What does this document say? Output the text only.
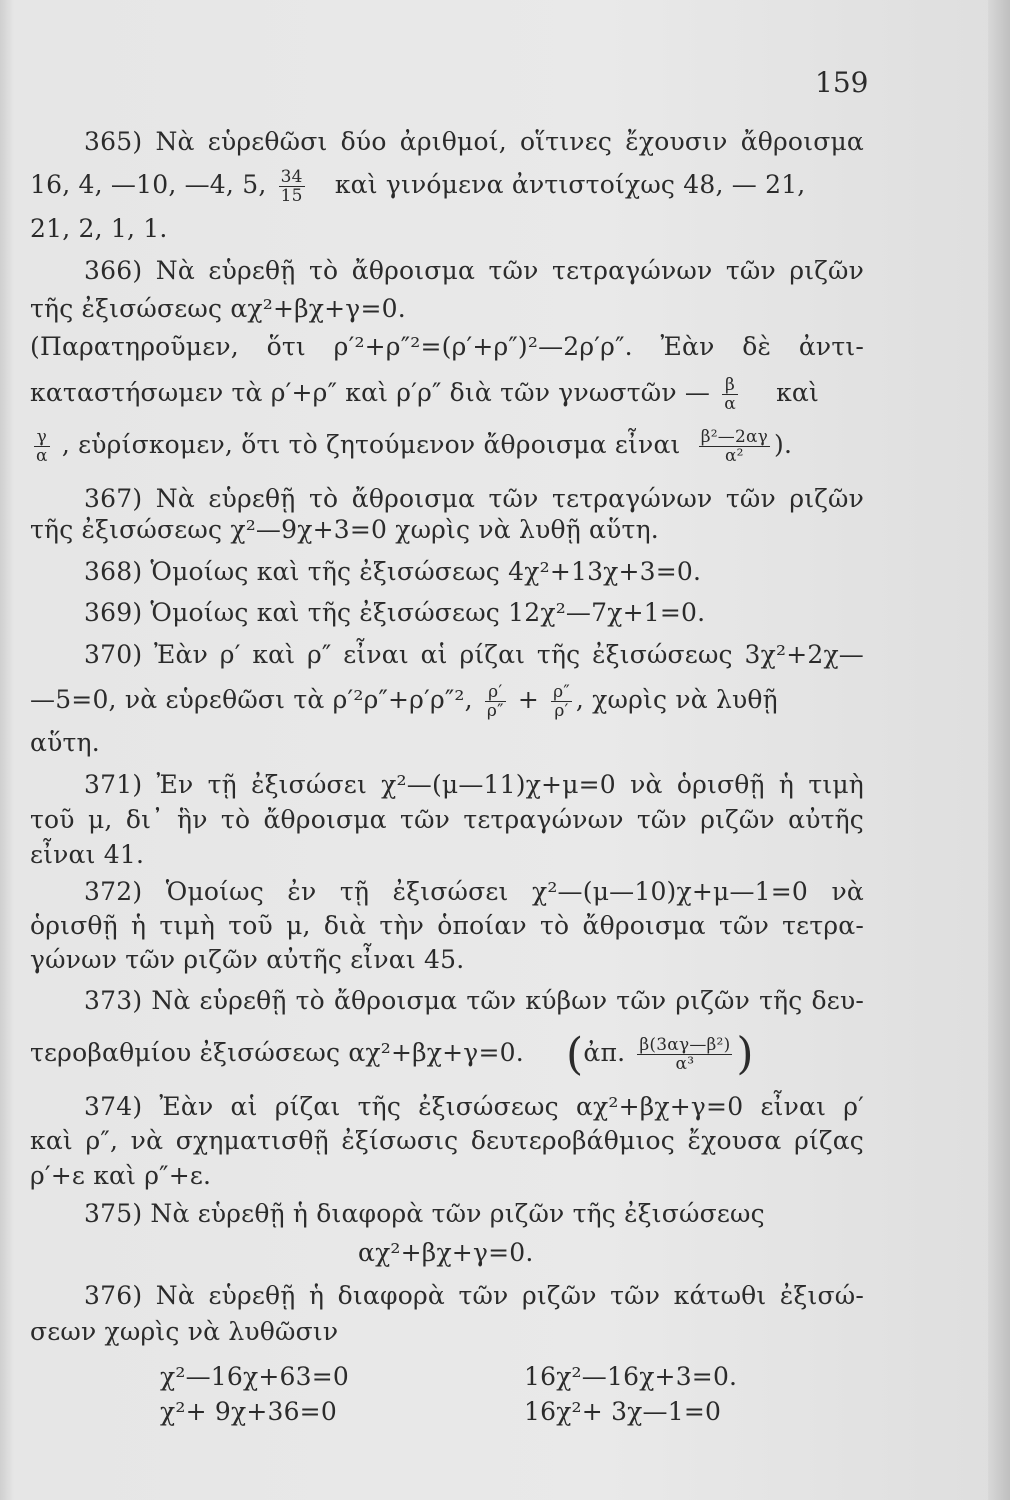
159
365) Νὰ εὑρεθῶσι δύο ἀριθμοί, οἵτινες ἔχουσιν ἄθροισμα
16, 4, —10, —4, 5, $\frac{34}{15}$ καὶ γινόμενα ἀντιστοίχως 48, — 21,
21, 2, 1, 1.
366) Νὰ εὑρεθῇ τὸ ἄθροισμα τῶν τετραγώνων τῶν ριζῶν
τῆς ἐξισώσεως αχ²+βχ+γ=0.
(Παρατηροῦμεν, ὅτι ρ′²+ρ″²=(ρ′+ρ″)²—2ρ′ρ″. Ἐὰν δὲ ἀντι-
καταστήσωμεν τὰ ρ′+ρ″ καὶ ρ′ρ″ διὰ τῶν γνωστῶν — $\frac{\beta}{\alpha}$ καὶ
$\frac{\gamma}{\alpha}$ , εὑρίσκομεν, ὅτι τὸ ζητούμενον ἄθροισμα εἶναι $\frac{\text{β²—2αγ}}{\text{α²}}$ ).
367) Νὰ εὑρεθῇ τὸ ἄθροισμα τῶν τετραγώνων τῶν ριζῶν
τῆς ἐξισώσεως χ²—9χ+3=0 χωρὶς νὰ λυθῇ αὕτη.
368) Ὁμοίως καὶ τῆς ἐξισώσεως 4χ²+13χ+3=0.
369) Ὁμοίως καὶ τῆς ἐξισώσεως 12χ²—7χ+1=0.
370) Ἐὰν ρ′ καὶ ρ″ εἶναι αἱ ρίζαι τῆς ἐξισώσεως 3χ²+2χ—
—5=0, νὰ εὑρεθῶσι τὰ ρ′²ρ″+ρ′ρ″², $\frac{\rho'}{\rho''} + \frac{\rho''}{\rho'}$ , χωρὶς νὰ λυθῇ
αὕτη.
371) Ἐν τῇ ἐξισώσει χ²—(μ—11)χ+μ=0 νὰ ὁρισθῇ ἡ τιμὴ
τοῦ μ, δι᾽ ἣν τὸ ἄθροισμα τῶν τετραγώνων τῶν ριζῶν αὐτῆς
εἶναι 41.
372) Ὁμοίως ἐν τῇ ἐξισώσει χ²—(μ—10)χ+μ—1=0 νὰ
ὁρισθῇ ἡ τιμὴ τοῦ μ, διὰ τὴν ὁποίαν τὸ ἄθροισμα τῶν τετρα-
γώνων τῶν ριζῶν αὐτῆς εἶναι 45.
373) Νὰ εὑρεθῇ τὸ ἄθροισμα τῶν κύβων τῶν ριζῶν τῆς δευ-
τεροβαθμίου ἐξισώσεως αχ²+βχ+γ=0. (ἀπ. $\frac{\text{β(3αγ—β²)}}{\text{α³}}$ )
374) Ἐὰν αἱ ρίζαι τῆς ἐξισώσεως αχ²+βχ+γ=0 εἶναι ρ′
καὶ ρ″, νὰ σχηματισθῇ ἐξίσωσις δευτεροβάθμιος ἔχουσα ρίζας
ρ′+ε καὶ ρ″+ε.
375) Νὰ εὑρεθῇ ἡ διαφορὰ τῶν ριζῶν τῆς ἐξισώσεως
αχ²+βχ+γ=0.
376) Νὰ εὑρεθῇ ἡ διαφορὰ τῶν ριζῶν τῶν κάτωθι ἐξισώ-
σεων χωρὶς νὰ λυθῶσιν
χ²—16χ+63=0	16χ²—16χ+3=0.
χ²+ 9χ+36=0	16χ²+ 3χ—1=0
